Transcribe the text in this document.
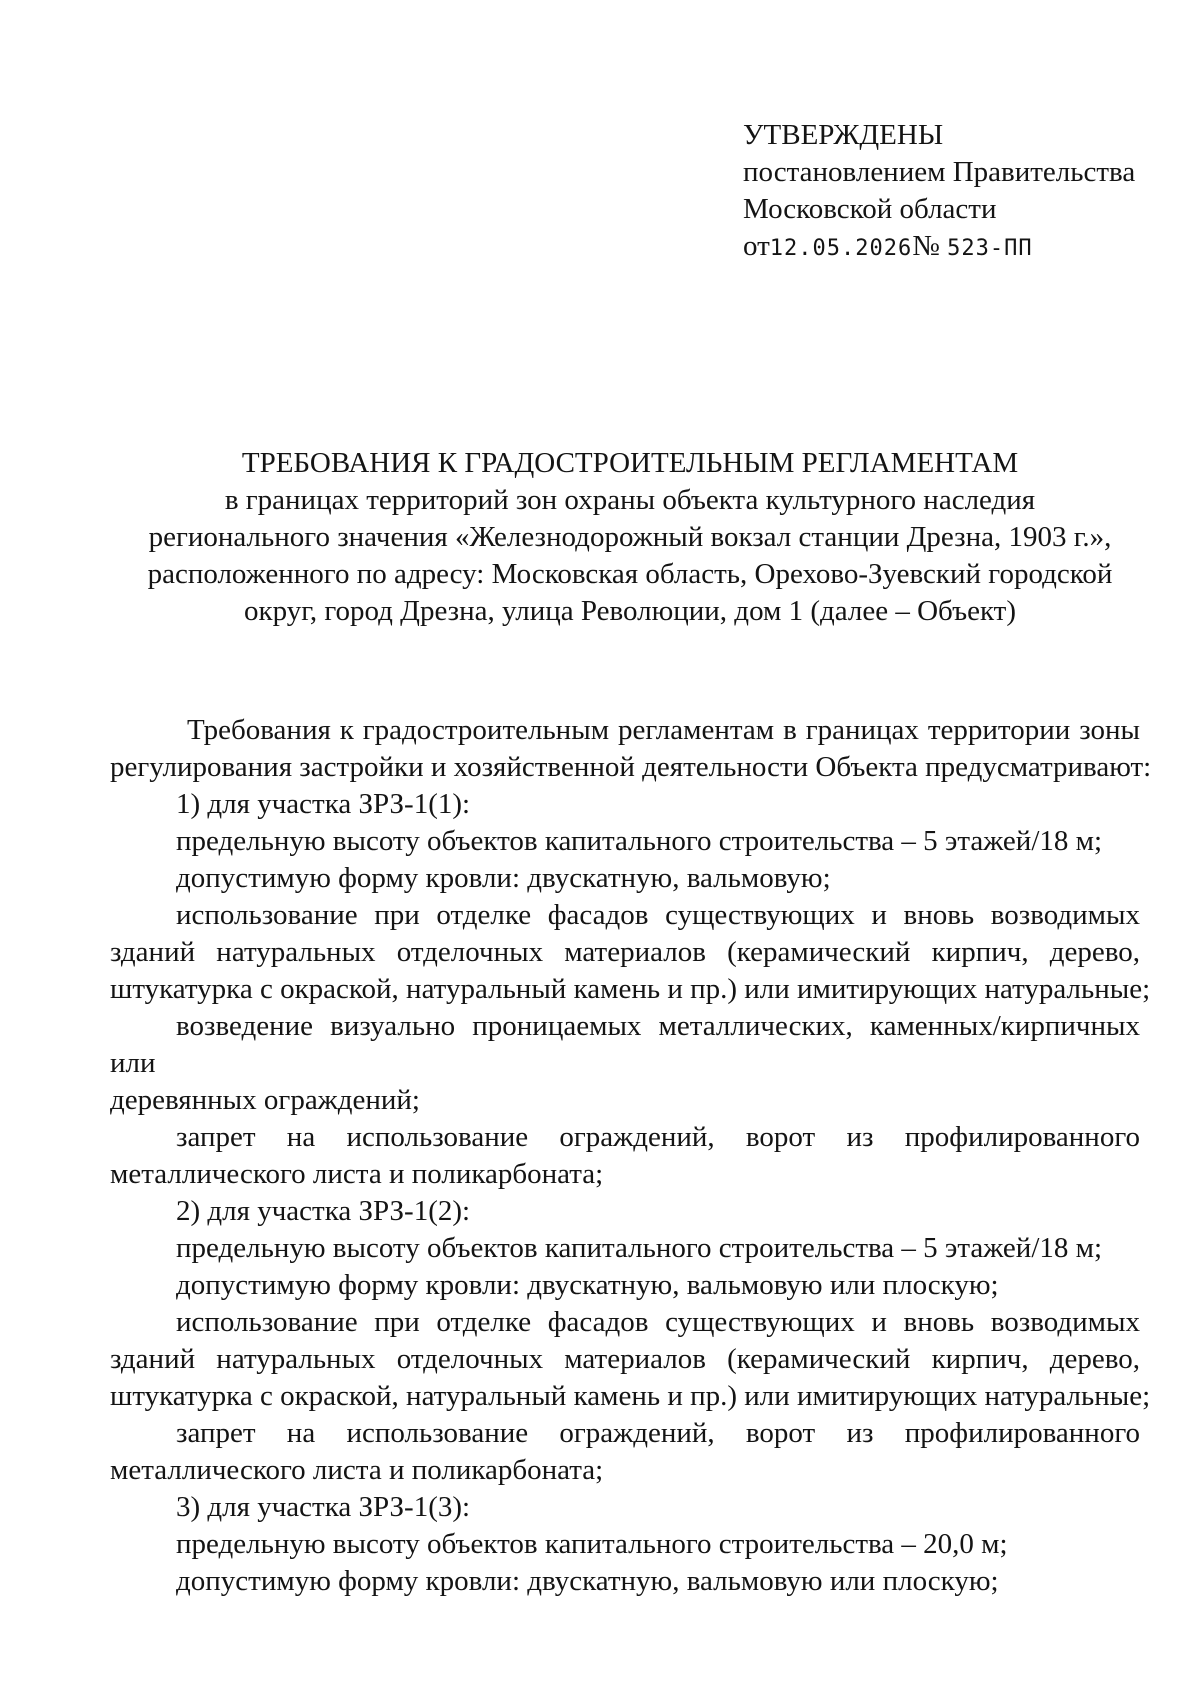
УТВЕРЖДЕНЫ
постановлением Правительства
Московской области
от12.05.2026№ 523-ПП
ТРЕБОВАНИЯ К ГРАДОСТРОИТЕЛЬНЫМ РЕГЛАМЕНТАМ
в границах территорий зон охраны объекта культурного наследия
регионального значения «Железнодорожный вокзал станции Дрезна, 1903 г.»,
расположенного по адресу: Московская область, Орехово-Зуевский городской
округ, город Дрезна, улица Революции, дом 1 (далее – Объект)
Требования к градостроительным регламентам в границах территории зоны
регулирования застройки и хозяйственной деятельности Объекта предусматривают:
1) для участка ЗРЗ-1(1):
предельную высоту объектов капитального строительства – 5 этажей/18 м;
допустимую форму кровли: двускатную, вальмовую;
использование при отделке фасадов существующих и вновь возводимых
зданий натуральных отделочных материалов (керамический кирпич, дерево,
штукатурка с окраской, натуральный камень и пр.) или имитирующих натуральные;
возведение визуально проницаемых металлических, каменных/кирпичных или
деревянных ограждений;
запрет на использование ограждений, ворот из профилированного
металлического листа и поликарбоната;
2) для участка ЗРЗ-1(2):
предельную высоту объектов капитального строительства – 5 этажей/18 м;
допустимую форму кровли: двускатную, вальмовую или плоскую;
использование при отделке фасадов существующих и вновь возводимых
зданий натуральных отделочных материалов (керамический кирпич, дерево,
штукатурка с окраской, натуральный камень и пр.) или имитирующих натуральные;
запрет на использование ограждений, ворот из профилированного
металлического листа и поликарбоната;
3) для участка ЗРЗ-1(3):
предельную высоту объектов капитального строительства – 20,0 м;
допустимую форму кровли: двускатную, вальмовую или плоскую;
